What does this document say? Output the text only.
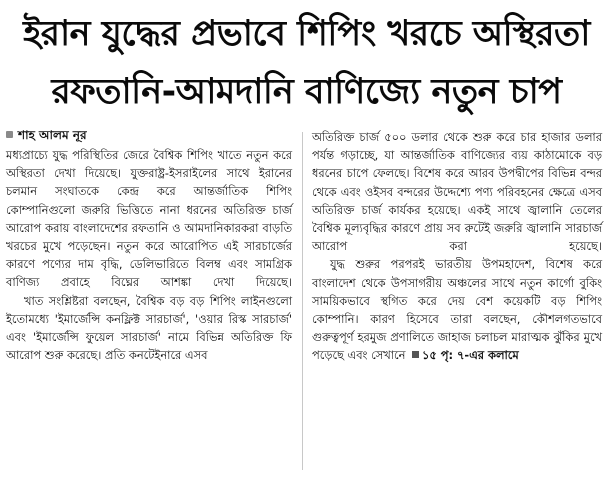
ইরান যুদ্ধের প্রভাবে শিপিং খরচে অস্থিরতা
রফতানি-আমদানি বাণিজ্যে নতুন চাপ
শাহ আলম নূর

মধ্যপ্রাচ্যে যুদ্ধ পরিস্থিতির জেরে বৈশ্বিক শিপিং খাতে নতুন করে অস্থিরতা দেখা দিয়েছে। যুক্তরাষ্ট্র-ইসরাইলের সাথে ইরানের চলমান সংঘাতকে কেন্দ্র করে আন্তর্জাতিক শিপিং কোম্পানিগুলো জরুরি ভিত্তিতে নানা ধরনের অতিরিক্ত চার্জ আরোপ করায় বাংলাদেশের রফতানি ও আমদানিকারকরা বাড়তি খরচের মুখে পড়েছেন। নতুন করে আরোপিত এই সারচার্জের কারণে পণ্যের দাম বৃদ্ধি, ডেলিভারিতে বিলম্ব এবং সামগ্রিক বাণিজ্য প্রবাহে বিঘ্নের আশঙ্কা দেখা দিয়েছে।

খাত সংশ্লিষ্টরা বলছেন, বৈশ্বিক বড় বড় শিপিং লাইনগুলো ইতোমধ্যে 'ইমার্জেন্সি কনফ্লিক্ট সারচার্জ', 'ওয়ার রিস্ক সারচার্জ' এবং 'ইমার্জেন্সি ফুয়েল সারচার্জ' নামে বিভিন্ন অতিরিক্ত ফি আরোপ শুরু করেছে। প্রতি কনটেইনারে এসব

অতিরিক্ত চার্জ ৫০০ ডলার থেকে শুরু করে চার হাজার ডলার পর্যন্ত গড়াচ্ছে, যা আন্তর্জাতিক বাণিজ্যের ব্যয় কাঠামোকে বড় ধরনের চাপে ফেলছে। বিশেষ করে আরব উপদ্বীপের বিভিন্ন বন্দর থেকে এবং ওইসব বন্দরের উদ্দেশ্যে পণ্য পরিবহনের ক্ষেত্রে এসব অতিরিক্ত চার্জ কার্যকর হয়েছে। একই সাথে জ্বালানি তেলের বৈশ্বিক মূল্যবৃদ্ধির কারণে প্রায় সব রুটেই জরুরি জ্বালানি সারচার্জ আরোপ করা হয়েছে।

যুদ্ধ শুরুর পরপরই ভারতীয় উপমহাদেশ, বিশেষ করে বাংলাদেশ থেকে উপসাগরীয় অঞ্চলের সাথে নতুন কার্গো বুকিং সাময়িকভাবে স্থগিত করে দেয় বেশ কয়েকটি বড় শিপিং কোম্পানি। কারণ হিসেবে তারা বলছেন, কৌশলগতভাবে গুরুত্বপূর্ণ হরমুজ প্রণালিতে জাহাজ চলাচল মারাত্মক ঝুঁকির মুখে পড়েছে এবং সেখানে ১৫ পৃ: ৭-এর কলামে
